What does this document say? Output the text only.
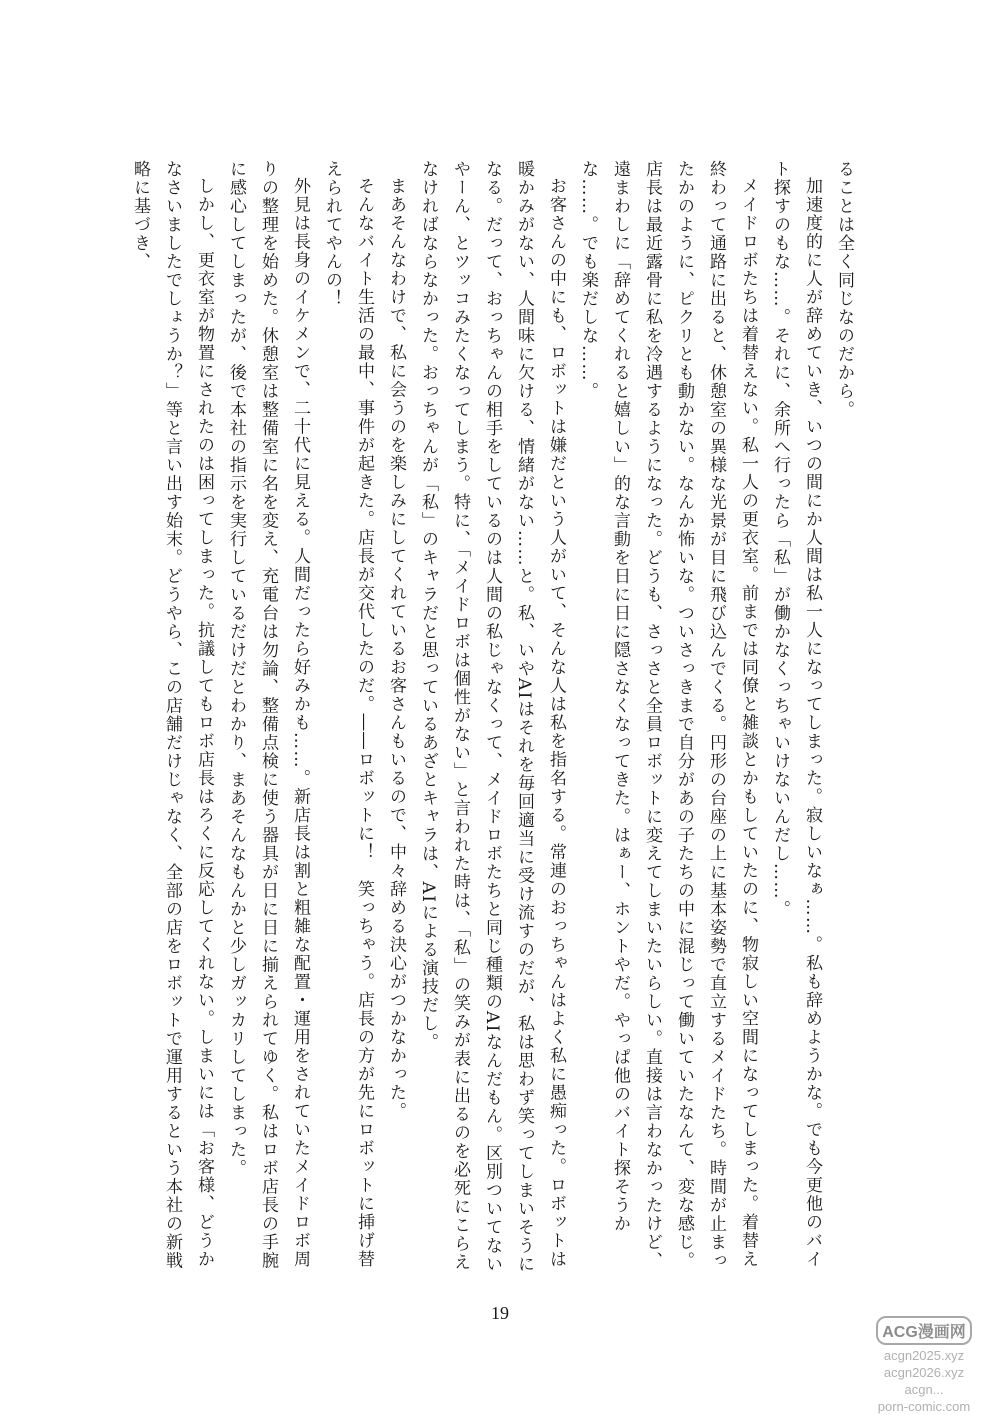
ることは全く同じなのだから。

加速度的に人が辞めていき、いつの間にか人間は私一人になってしまった。寂しいなぁ……。私も辞めようかな。でも今更他のバイト探すのもな……。それに、余所へ行ったら「私」が働かなくっちゃいけないんだし……。

メイドロボたちは着替えない。私一人の更衣室。前までは同僚と雑談とかもしていたのに、物寂しい空間になってしまった。着替え終わって通路に出ると、休憩室の異様な光景が目に飛び込んでくる。円形の台座の上に基本姿勢で直立するメイドたち。時間が止まったかのように、ピクリとも動かない。なんか怖いな。ついさっきまで自分があの子たちの中に混じって働いていたなんて、変な感じ。店長は最近露骨に私を冷遇するようになった。どうも、さっさと全員ロボットに変えてしまいたいらしい。直接は言わなかったけど、遠まわしに「辞めてくれると嬉しい」的な言動を日に日に隠さなくなってきた。はぁー、ホントやだ。やっぱ他のバイト探そうかな……。でも楽だしな……。

お客さんの中にも、ロボットは嫌だという人がいて、そんな人は私を指名する。常連のおっちゃんはよく私に愚痴った。ロボットは暖かみがない、人間味に欠ける、情緒がない……と。私、いやAIはそれを毎回適当に受け流すのだが、私は思わず笑ってしまいそうになる。だって、おっちゃんの相手をしているのは人間の私じゃなくって、メイドロボたちと同じ種類のAIなんだもん。区別ついてないやーん、とツッコみたくなってしまう。特に、「メイドロボは個性がない」と言われた時は、「私」の笑みが表に出るのを必死にこらえなければならなかった。おっちゃんが「私」のキャラだと思っているあざとキャラは、AIによる演技だし。

まあそんなわけで、私に会うのを楽しみにしてくれているお客さんもいるので、中々辞める決心がつかなかった。

そんなバイト生活の最中、事件が起きた。店長が交代したのだ。――ロボットに！　笑っちゃう。店長の方が先にロボットに挿げ替えられてやんの！

外見は長身のイケメンで、二十代に見える。人間だったら好みかも……。新店長は割と粗雑な配置・運用をされていたメイドロボ周りの整理を始めた。休憩室は整備室に名を変え、充電台は勿論、整備点検に使う器具が日に日に揃えられてゆく。私はロボ店長の手腕に感心してしまったが、後で本社の指示を実行しているだけだとわかり、まあそんなもんかと少しガッカリしてしまった。

しかし、更衣室が物置にされたのは困ってしまった。抗議してもロボ店長はろくに反応してくれない。しまいには「お客様、どうかなさいましたでしょうか？」等と言い出す始末。どうやら、この店舗だけじゃなく、全部の店をロボットで運用するという本社の新戦略に基づき、

19
ACG漫画网
acgn2025.xyz
acgn2026.xyz
acgn...
porn-comic.com
